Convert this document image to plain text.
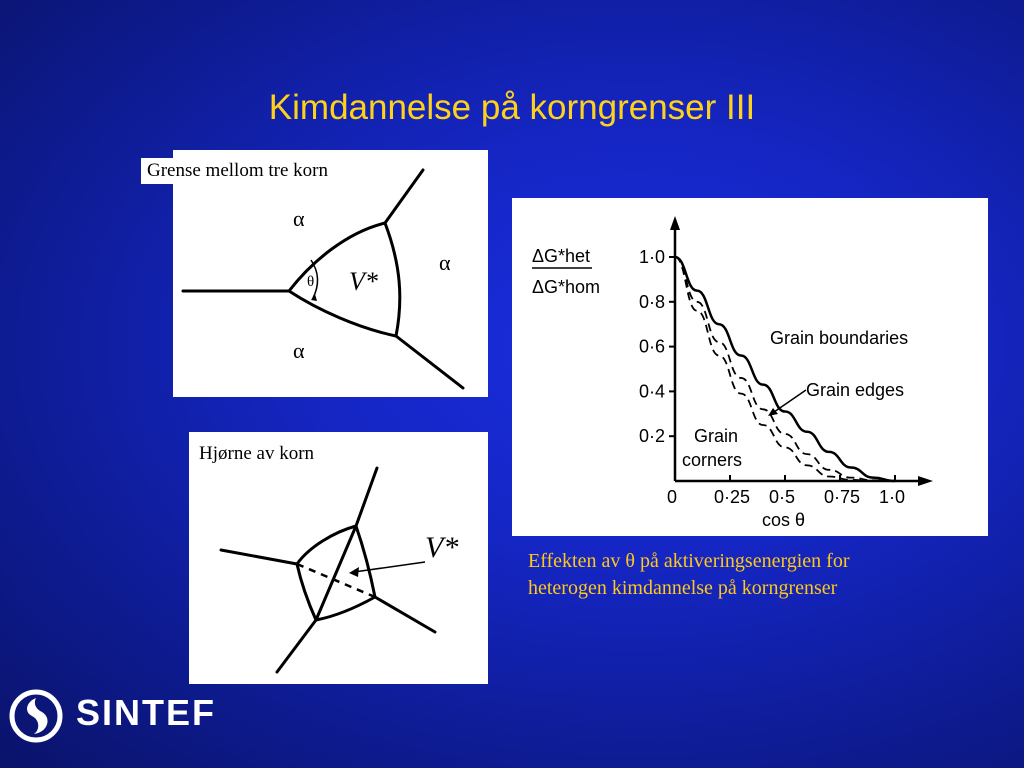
Kimdannelse på korngrenser III
α
α
α
θ V*
Grense mellom tre korn
V*
Hjørne av korn
ΔG*het
ΔG*hom
cos θ
0 0·25 0·5 0·75 1·0
1·0
0·8
0·6
0·4
0·2
Grain boundaries
Grain edges
Grain
corners
Effekten av θ på aktiveringsenergien for
heterogen kimdannelse på korngrenser
SINTEF
